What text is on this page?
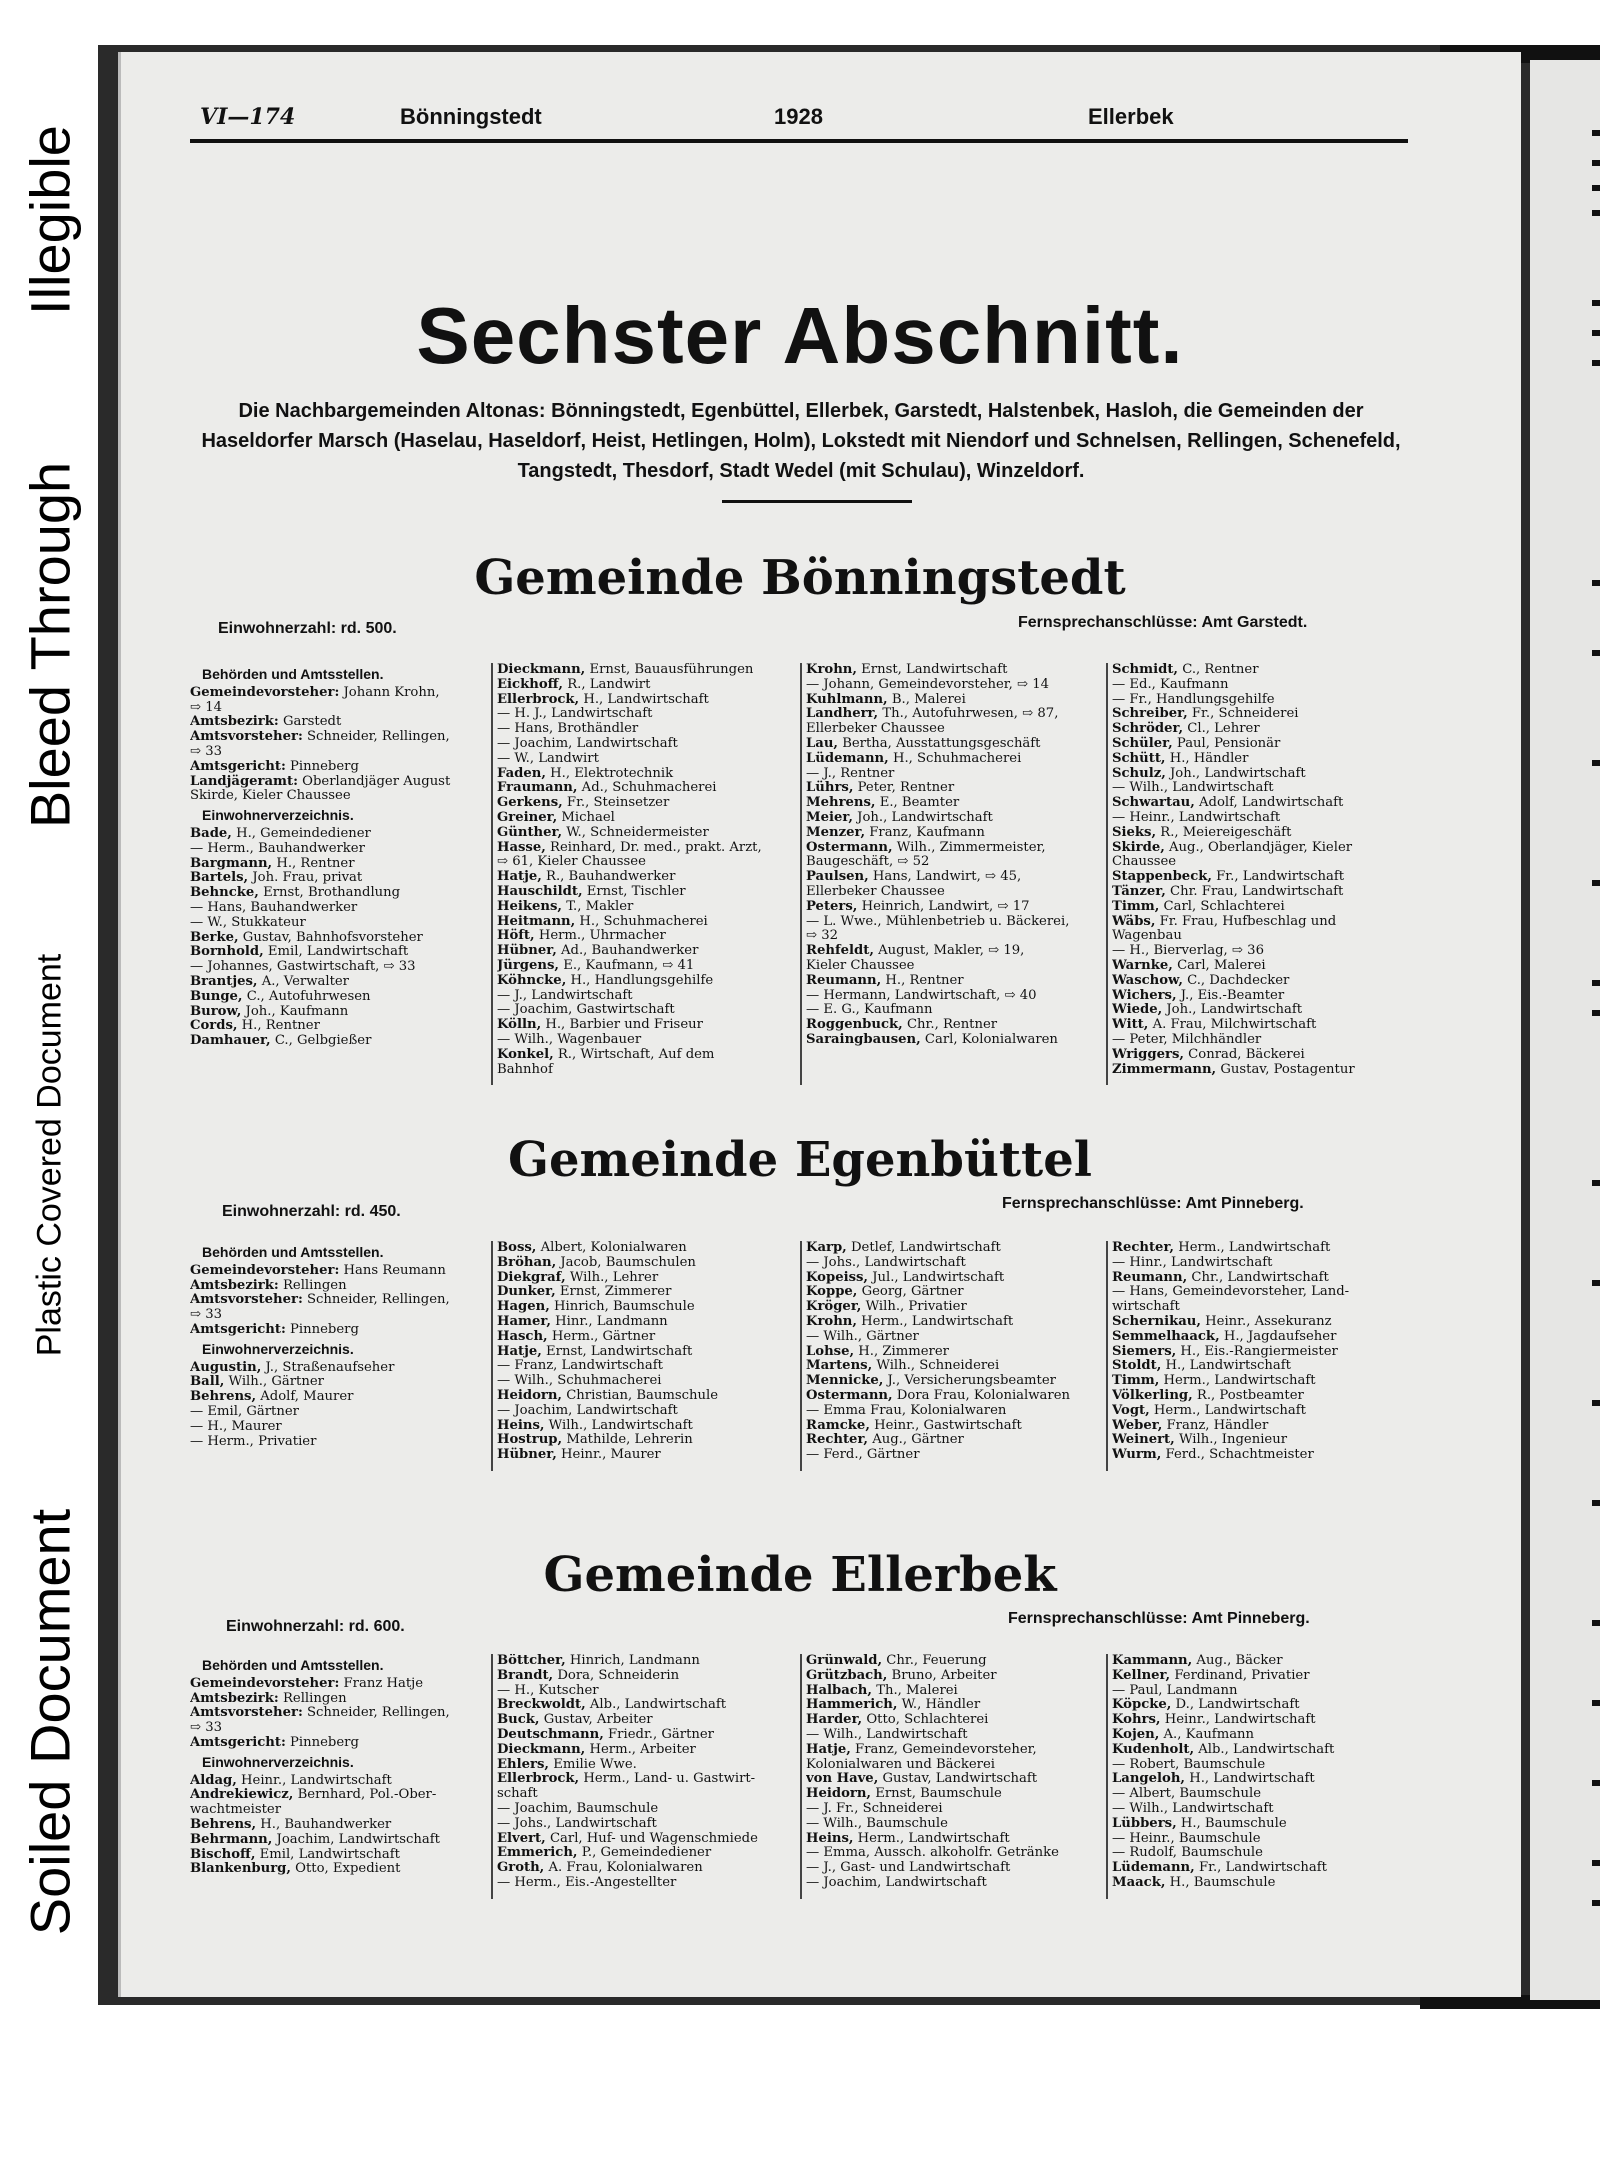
Illegible
Bleed Through
Plastic Covered Document
Soiled Document
VI—174	Bönningstedt	1928	Ellerbek
Sechster Abschnitt.
Die Nachbargemeinden Altonas: Bönningstedt, Egenbüttel, Ellerbek, Garstedt, Halstenbek, Hasloh, die Gemeinden der Haseldorfer Marsch (Haselau, Haseldorf, Heist, Hetlingen, Holm), Lokstedt mit Niendorf und Schnelsen, Rellingen, Schenefeld, Tangstedt, Thesdorf, Stadt Wedel (mit Schulau), Winzeldorf.
Gemeinde Bönningstedt
Einwohnerzahl: rd. 500.	Fernsprechanschlüsse: Amt Garstedt.
Behörden und Amtsstellen.
Gemeindevorsteher: Johann Krohn,
⇨ 14
Amtsbezirk: Garstedt
Amtsvorsteher: Schneider, Rellingen,
⇨ 33
Amtsgericht: Pinneberg
Landjägeramt: Oberlandjäger August
Skirde, Kieler Chaussee
Einwohnerverzeichnis.
Bade, H., Gemeindediener
— Herm., Bauhandwerker
Bargmann, H., Rentner
Bartels, Joh. Frau, privat
Behncke, Ernst, Brothandlung
— Hans, Bauhandwerker
— W., Stukkateur
Berke, Gustav, Bahnhofsvorsteher
Bornhold, Emil, Landwirtschaft
— Johannes, Gastwirtschaft, ⇨ 33
Brantjes, A., Verwalter
Bunge, C., Autofuhrwesen
Burow, Joh., Kaufmann
Cords, H., Rentner
Damhauer, C., Gelbgießer
Dieckmann, Ernst, Bauausführungen
Eickhoff, R., Landwirt
Ellerbrock, H., Landwirtschaft
— H. J., Landwirtschaft
— Hans, Brothändler
— Joachim, Landwirtschaft
— W., Landwirt
Faden, H., Elektrotechnik
Fraumann, Ad., Schuhmacherei
Gerkens, Fr., Steinsetzer
Greiner, Michael
Günther, W., Schneidermeister
Hasse, Reinhard, Dr. med., prakt. Arzt,
⇨ 61, Kieler Chaussee
Hatje, R., Bauhandwerker
Hauschildt, Ernst, Tischler
Heikens, T., Makler
Heitmann, H., Schuhmacherei
Höft, Herm., Uhrmacher
Hübner, Ad., Bauhandwerker
Jürgens, E., Kaufmann, ⇨ 41
Köhncke, H., Handlungsgehilfe
— J., Landwirtschaft
— Joachim, Gastwirtschaft
Kölln, H., Barbier und Friseur
— Wilh., Wagenbauer
Konkel, R., Wirtschaft, Auf dem
Bahnhof
Krohn, Ernst, Landwirtschaft
— Johann, Gemeindevorsteher, ⇨ 14
Kuhlmann, B., Malerei
Landherr, Th., Autofuhrwesen, ⇨ 87,
Ellerbeker Chaussee
Lau, Bertha, Ausstattungsgeschäft
Lüdemann, H., Schuhmacherei
— J., Rentner
Lührs, Peter, Rentner
Mehrens, E., Beamter
Meier, Joh., Landwirtschaft
Menzer, Franz, Kaufmann
Ostermann, Wilh., Zimmermeister,
Baugeschäft, ⇨ 52
Paulsen, Hans, Landwirt, ⇨ 45,
Ellerbeker Chaussee
Peters, Heinrich, Landwirt, ⇨ 17
— L. Wwe., Mühlenbetrieb u. Bäckerei,
⇨ 32
Rehfeldt, August, Makler, ⇨ 19,
Kieler Chaussee
Reumann, H., Rentner
— Hermann, Landwirtschaft, ⇨ 40
— E. G., Kaufmann
Roggenbuck, Chr., Rentner
Saraingbausen, Carl, Kolonialwaren
Schmidt, C., Rentner
— Ed., Kaufmann
— Fr., Handlungsgehilfe
Schreiber, Fr., Schneiderei
Schröder, Cl., Lehrer
Schüler, Paul, Pensionär
Schütt, H., Händler
Schulz, Joh., Landwirtschaft
— Wilh., Landwirtschaft
Schwartau, Adolf, Landwirtschaft
— Heinr., Landwirtschaft
Sieks, R., Meiereigeschäft
Skirde, Aug., Oberlandjäger, Kieler
Chaussee
Stappenbeck, Fr., Landwirtschaft
Tänzer, Chr. Frau, Landwirtschaft
Timm, Carl, Schlachterei
Wäbs, Fr. Frau, Hufbeschlag und
Wagenbau
— H., Bierverlag, ⇨ 36
Warnke, Carl, Malerei
Waschow, C., Dachdecker
Wichers, J., Eis.-Beamter
Wiede, Joh., Landwirtschaft
Witt, A. Frau, Milchwirtschaft
— Peter, Milchhändler
Wriggers, Conrad, Bäckerei
Zimmermann, Gustav, Postagentur
Gemeinde Egenbüttel
Einwohnerzahl: rd. 450.	Fernsprechanschlüsse: Amt Pinneberg.
Behörden und Amtsstellen.
Gemeindevorsteher: Hans Reumann
Amtsbezirk: Rellingen
Amtsvorsteher: Schneider, Rellingen,
⇨ 33
Amtsgericht: Pinneberg
Einwohnerverzeichnis.
Augustin, J., Straßenaufseher
Ball, Wilh., Gärtner
Behrens, Adolf, Maurer
— Emil, Gärtner
— H., Maurer
— Herm., Privatier
Boss, Albert, Kolonialwaren
Bröhan, Jacob, Baumschulen
Diekgraf, Wilh., Lehrer
Dunker, Ernst, Zimmerer
Hagen, Hinrich, Baumschule
Hamer, Hinr., Landmann
Hasch, Herm., Gärtner
Hatje, Ernst, Landwirtschaft
— Franz, Landwirtschaft
— Wilh., Schuhmacherei
Heidorn, Christian, Baumschule
— Joachim, Landwirtschaft
Heins, Wilh., Landwirtschaft
Hostrup, Mathilde, Lehrerin
Hübner, Heinr., Maurer
Karp, Detlef, Landwirtschaft
— Johs., Landwirtschaft
Kopeiss, Jul., Landwirtschaft
Koppe, Georg, Gärtner
Kröger, Wilh., Privatier
Krohn, Herm., Landwirtschaft
— Wilh., Gärtner
Lohse, H., Zimmerer
Martens, Wilh., Schneiderei
Mennicke, J., Versicherungsbeamter
Ostermann, Dora Frau, Kolonialwaren
— Emma Frau, Kolonialwaren
Ramcke, Heinr., Gastwirtschaft
Rechter, Aug., Gärtner
— Ferd., Gärtner
Rechter, Herm., Landwirtschaft
— Hinr., Landwirtschaft
Reumann, Chr., Landwirtschaft
— Hans, Gemeindevorsteher, Land-
wirtschaft
Schernikau, Heinr., Assekuranz
Semmelhaack, H., Jagdaufseher
Siemers, H., Eis.-Rangiermeister
Stoldt, H., Landwirtschaft
Timm, Herm., Landwirtschaft
Völkerling, R., Postbeamter
Vogt, Herm., Landwirtschaft
Weber, Franz, Händler
Weinert, Wilh., Ingenieur
Wurm, Ferd., Schachtmeister
Gemeinde Ellerbek
Einwohnerzahl: rd. 600.	Fernsprechanschlüsse: Amt Pinneberg.
Behörden und Amtsstellen.
Gemeindevorsteher: Franz Hatje
Amtsbezirk: Rellingen
Amtsvorsteher: Schneider, Rellingen,
⇨ 33
Amtsgericht: Pinneberg
Einwohnerverzeichnis.
Aldag, Heinr., Landwirtschaft
Andrekiewicz, Bernhard, Pol.-Ober-
wachtmeister
Behrens, H., Bauhandwerker
Behrmann, Joachim, Landwirtschaft
Bischoff, Emil, Landwirtschaft
Blankenburg, Otto, Expedient
Böttcher, Hinrich, Landmann
Brandt, Dora, Schneiderin
— H., Kutscher
Breckwoldt, Alb., Landwirtschaft
Buck, Gustav, Arbeiter
Deutschmann, Friedr., Gärtner
Dieckmann, Herm., Arbeiter
Ehlers, Emilie Wwe.
Ellerbrock, Herm., Land- u. Gastwirt-
schaft
— Joachim, Baumschule
— Johs., Landwirtschaft
Elvert, Carl, Huf- und Wagenschmiede
Emmerich, P., Gemeindediener
Groth, A. Frau, Kolonialwaren
— Herm., Eis.-Angestellter
Grünwald, Chr., Feuerung
Grützbach, Bruno, Arbeiter
Halbach, Th., Malerei
Hammerich, W., Händler
Harder, Otto, Schlachterei
— Wilh., Landwirtschaft
Hatje, Franz, Gemeindevorsteher,
Kolonialwaren und Bäckerei
von Have, Gustav, Landwirtschaft
Heidorn, Ernst, Baumschule
— J. Fr., Schneiderei
— Wilh., Baumschule
Heins, Herm., Landwirtschaft
— Emma, Aussch. alkoholfr. Getränke
— J., Gast- und Landwirtschaft
— Joachim, Landwirtschaft
Kammann, Aug., Bäcker
Kellner, Ferdinand, Privatier
— Paul, Landmann
Köpcke, D., Landwirtschaft
Kohrs, Heinr., Landwirtschaft
Kojen, A., Kaufmann
Kudenholt, Alb., Landwirtschaft
— Robert, Baumschule
Langeloh, H., Landwirtschaft
— Albert, Baumschule
— Wilh., Landwirtschaft
Lübbers, H., Baumschule
— Heinr., Baumschule
— Rudolf, Baumschule
Lüdemann, Fr., Landwirtschaft
Maack, H., Baumschule
